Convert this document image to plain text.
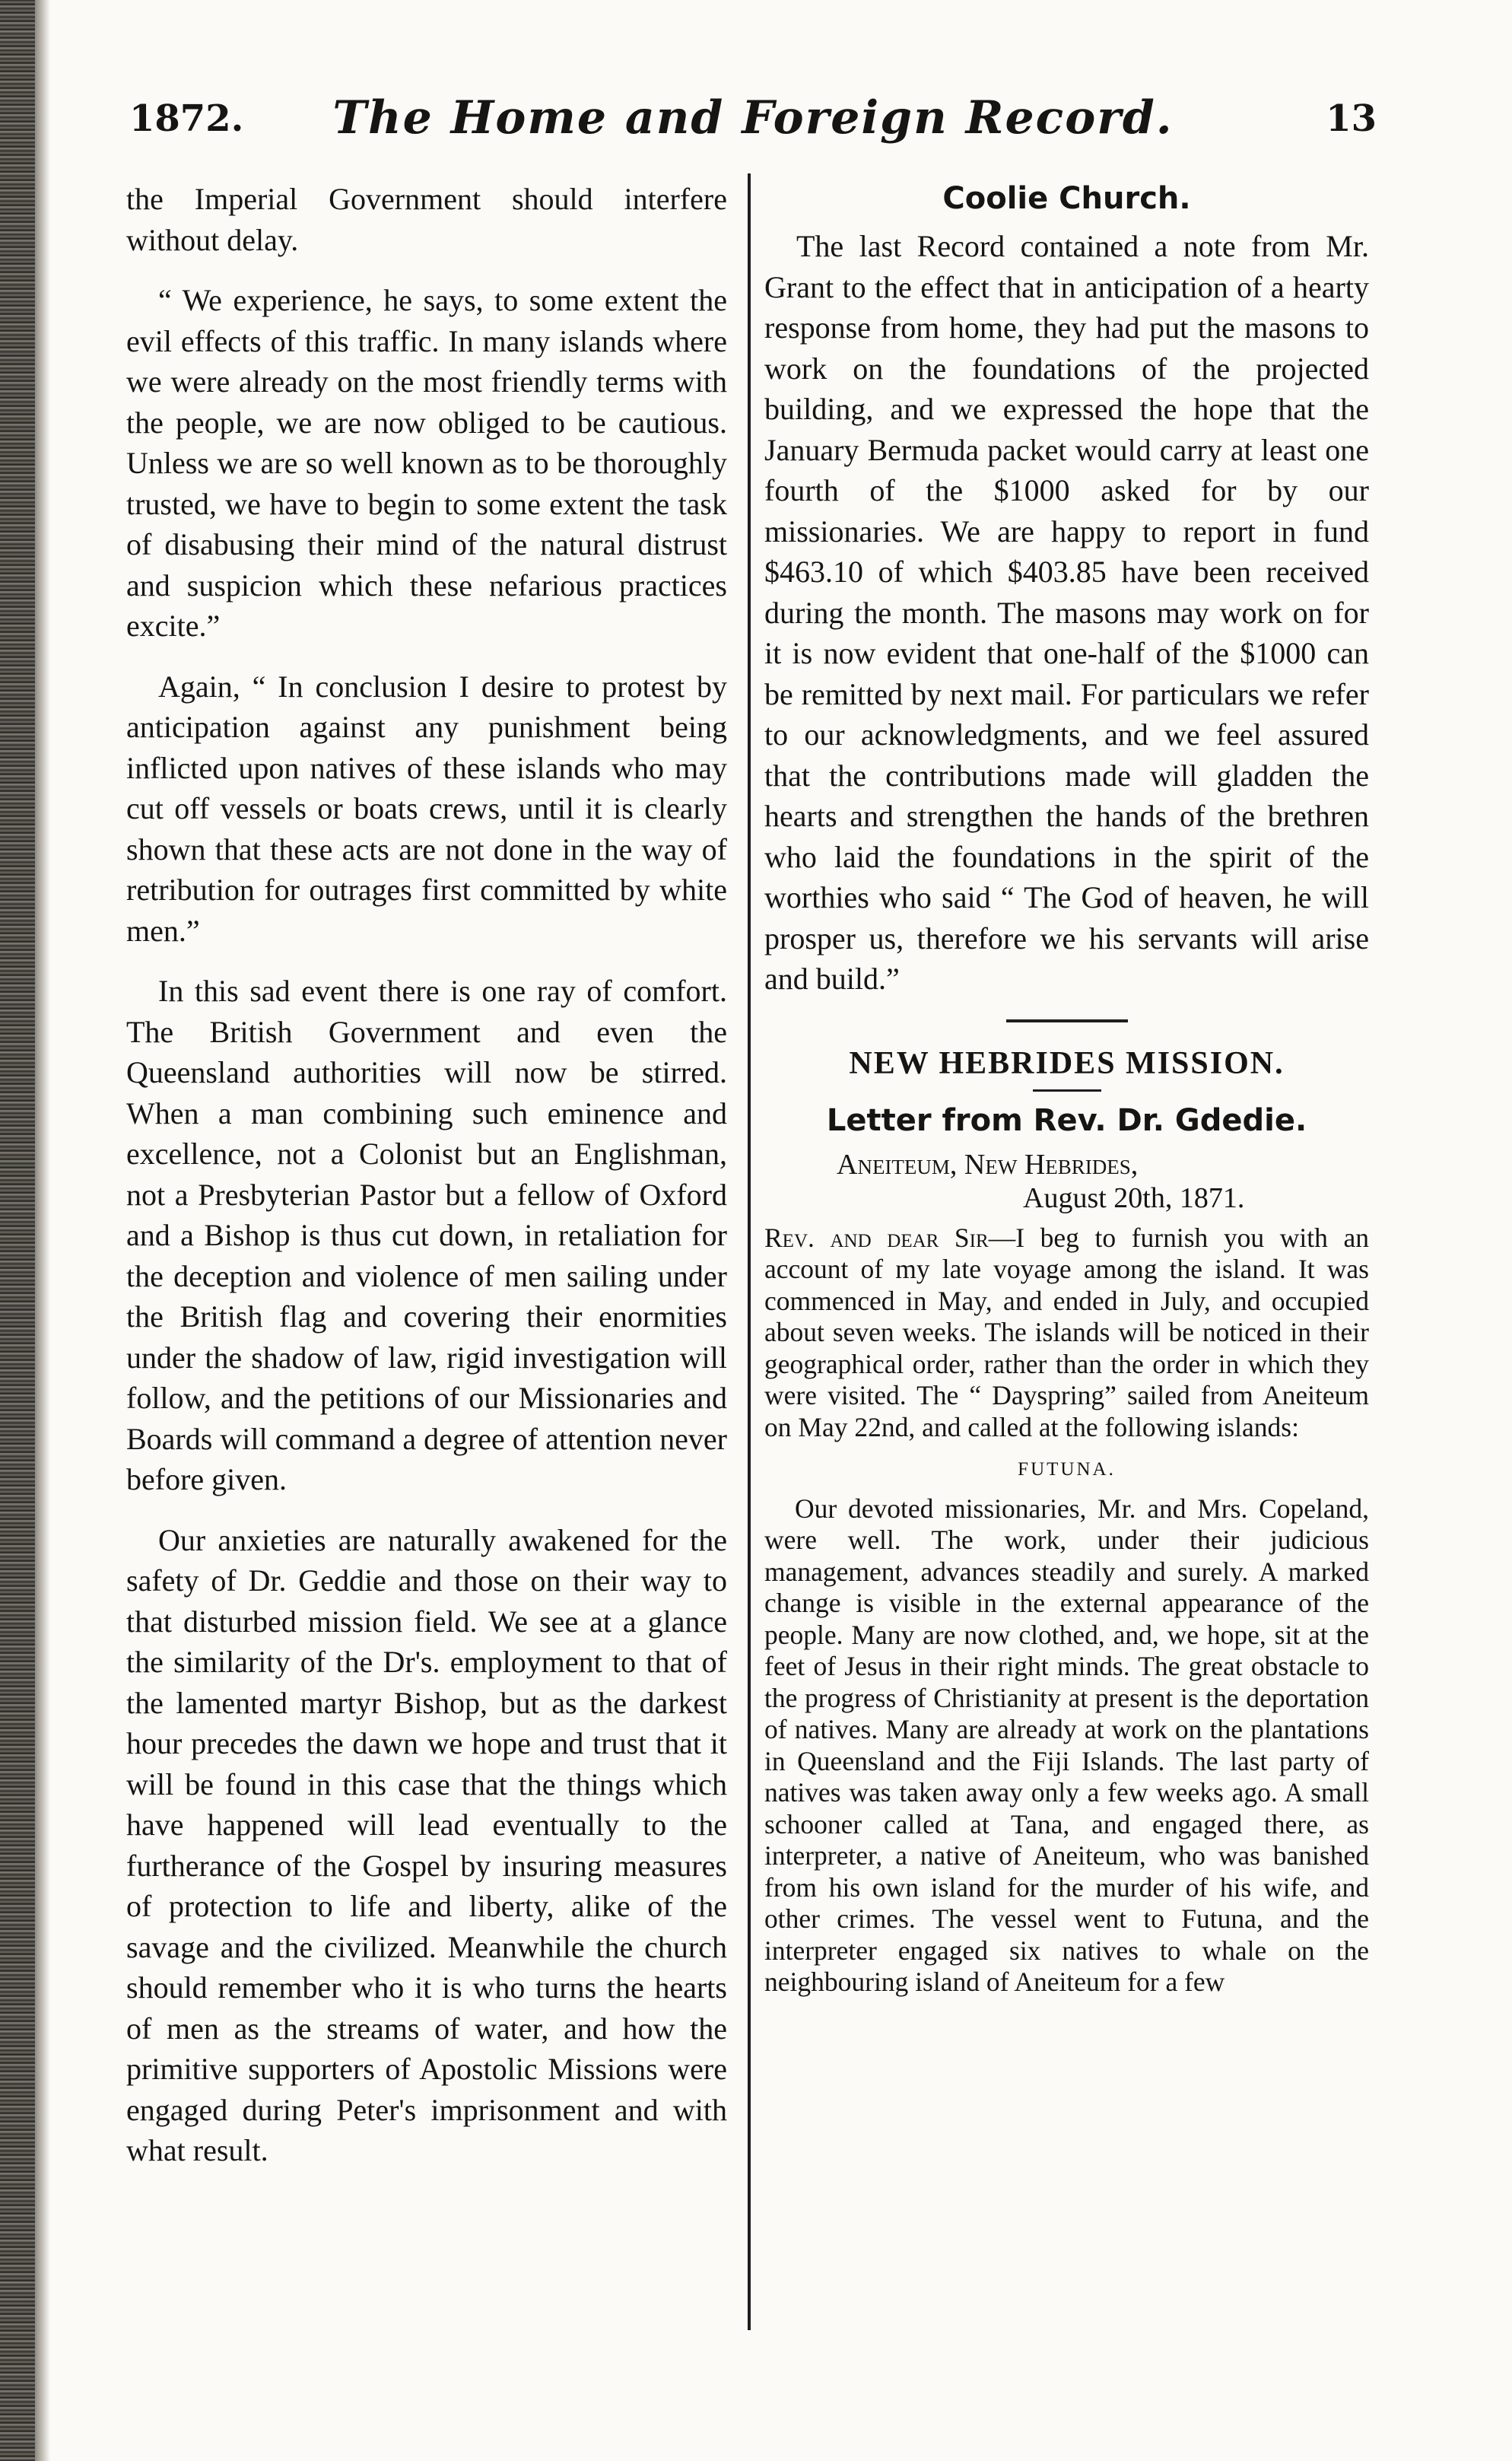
1872.	The Home and Foreign Record.	13

the Imperial Government should interfere without delay.

“ We experience, he says, to some extent the evil effects of this traffic. In many islands where we were already on the most friendly terms with the people, we are now obliged to be cautious. Unless we are so well known as to be thoroughly trusted, we have to begin to some extent the task of disabusing their mind of the natural distrust and suspicion which these nefarious practices excite.”

Again, “ In conclusion I desire to protest by anticipation against any punishment being inflicted upon natives of these islands who may cut off vessels or boats crews, until it is clearly shown that these acts are not done in the way of retribution for outrages first committed by white men.”

In this sad event there is one ray of comfort. The British Government and even the Queensland authorities will now be stirred. When a man combining such eminence and excellence, not a Colonist but an Englishman, not a Presbyterian Pastor but a fellow of Oxford and a Bishop is thus cut down, in retaliation for the deception and violence of men sailing under the British flag and covering their enormities under the shadow of law, rigid investigation will follow, and the petitions of our Missionaries and Boards will command a degree of attention never before given.

Our anxieties are naturally awakened for the safety of Dr. Geddie and those on their way to that disturbed mission field. We see at a glance the similarity of the Dr's. employment to that of the lamented martyr Bishop, but as the darkest hour precedes the dawn we hope and trust that it will be found in this case that the things which have happened will lead eventually to the furtherance of the Gospel by insuring measures of protection to life and liberty, alike of the savage and the civilized. Meanwhile the church should remember who it is who turns the hearts of men as the streams of water, and how the primitive supporters of Apostolic Missions were engaged during Peter's imprisonment and with what result.

Coolie Church.

The last Record contained a note from Mr. Grant to the effect that in anticipation of a hearty response from home, they had put the masons to work on the foundations of the projected building, and we expressed the hope that the January Bermuda packet would carry at least one fourth of the $1000 asked for by our missionaries. We are happy to report in fund $463.10 of which $403.85 have been received during the month. The masons may work on for it is now evident that one-half of the $1000 can be remitted by next mail. For particulars we refer to our acknowledgments, and we feel assured that the contributions made will gladden the hearts and strengthen the hands of the brethren who laid the foundations in the spirit of the worthies who said “ The God of heaven, he will prosper us, therefore we his servants will arise and build.”

NEW HEBRIDES MISSION.
Letter from Rev. Dr. Gdedie.
Aneiteum, New Hebrides,
August 20th, 1871.

Rev. and dear Sir—I beg to furnish you with an account of my late voyage among the island. It was commenced in May, and ended in July, and occupied about seven weeks. The islands will be noticed in their geographical order, rather than the order in which they were visited. The “ Dayspring” sailed from Aneiteum on May 22nd, and called at the following islands:

FUTUNA.

Our devoted missionaries, Mr. and Mrs. Copeland, were well. The work, under their judicious management, advances steadily and surely. A marked change is visible in the external appearance of the people. Many are now clothed, and, we hope, sit at the feet of Jesus in their right minds. The great obstacle to the progress of Christianity at present is the deportation of natives. Many are already at work on the plantations in Queensland and the Fiji Islands. The last party of natives was taken away only a few weeks ago. A small schooner called at Tana, and engaged there, as interpreter, a native of Aneiteum, who was banished from his own island for the murder of his wife, and other crimes. The vessel went to Futuna, and the interpreter engaged six natives to whale on the neighbouring island of Aneiteum for a few
